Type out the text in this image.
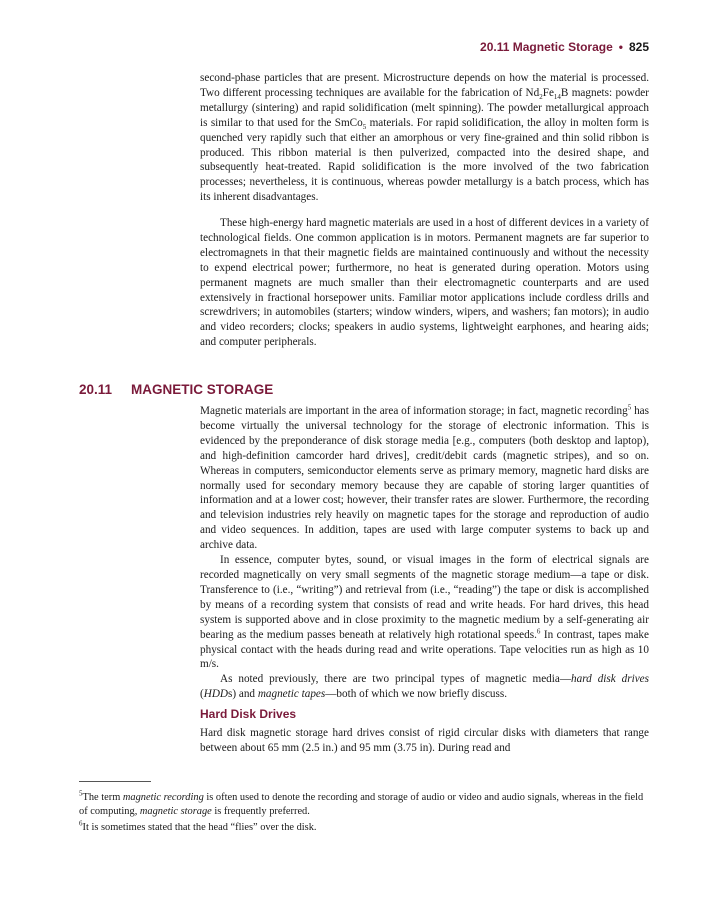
20.11 Magnetic Storage • 825

second-phase particles that are present. Microstructure depends on how the material is processed. Two different processing techniques are available for the fabrication of $Nd_2Fe_{14}B$ magnets: powder metallurgy (sintering) and rapid solidification (melt spinning). The powder metallurgical approach is similar to that used for the SmCo$_5$ materials. For rapid solidification, the alloy in molten form is quenched very rapidly such that either an amorphous or very fine-grained and thin solid ribbon is produced. This ribbon material is then pulverized, compacted into the desired shape, and subsequently heat-treated. Rapid solidification is the more involved of the two fabrication processes; nevertheless, it is continuous, whereas powder metallurgy is a batch process, which has its inherent disadvantages.

These high-energy hard magnetic materials are used in a host of different devices in a variety of technological fields. One common application is in motors. Permanent magnets are far superior to electromagnets in that their magnetic fields are maintained continuously and without the necessity to expend electrical power; furthermore, no heat is generated during operation. Motors using permanent magnets are much smaller than their electromagnetic counterparts and are used extensively in fractional horsepower units. Familiar motor applications include cordless drills and screwdrivers; in automobiles (starters; window winders, wipers, and washers; fan motors); in audio and video recorders; clocks; speakers in audio systems, lightweight earphones, and hearing aids; and computer peripherals.

20.11 MAGNETIC STORAGE

Magnetic materials are important in the area of information storage; in fact, magnetic recording$^5$ has become virtually the universal technology for the storage of electronic information. This is evidenced by the preponderance of disk storage media [e.g., computers (both desktop and laptop), and high-definition camcorder hard drives], credit/debit cards (magnetic stripes), and so on. Whereas in computers, semiconductor elements serve as primary memory, magnetic hard disks are normally used for secondary memory because they are capable of storing larger quantities of information and at a lower cost; however, their transfer rates are slower. Furthermore, the recording and television industries rely heavily on magnetic tapes for the storage and reproduction of audio and video sequences. In addition, tapes are used with large computer systems to back up and archive data.

In essence, computer bytes, sound, or visual images in the form of electrical signals are recorded magnetically on very small segments of the magnetic storage medium—a tape or disk. Transference to (i.e., “writing”) and retrieval from (i.e., “reading”) the tape or disk is accomplished by means of a recording system that consists of read and write heads. For hard drives, this head system is supported above and in close proximity to the magnetic medium by a self-generating air bearing as the medium passes beneath at relatively high rotational speeds.$^6$ In contrast, tapes make physical contact with the heads during read and write operations. Tape velocities run as high as 10 m/s.

As noted previously, there are two principal types of magnetic media—hard disk drives (HDDs) and magnetic tapes—both of which we now briefly discuss.

Hard Disk Drives

Hard disk magnetic storage hard drives consist of rigid circular disks with diameters that range between about 65 mm (2.5 in.) and 95 mm (3.75 in). During read and

$^5$The term magnetic recording is often used to denote the recording and storage of audio or video and audio signals, whereas in the field of computing, magnetic storage is frequently preferred.

$^6$It is sometimes stated that the head “flies” over the disk.
